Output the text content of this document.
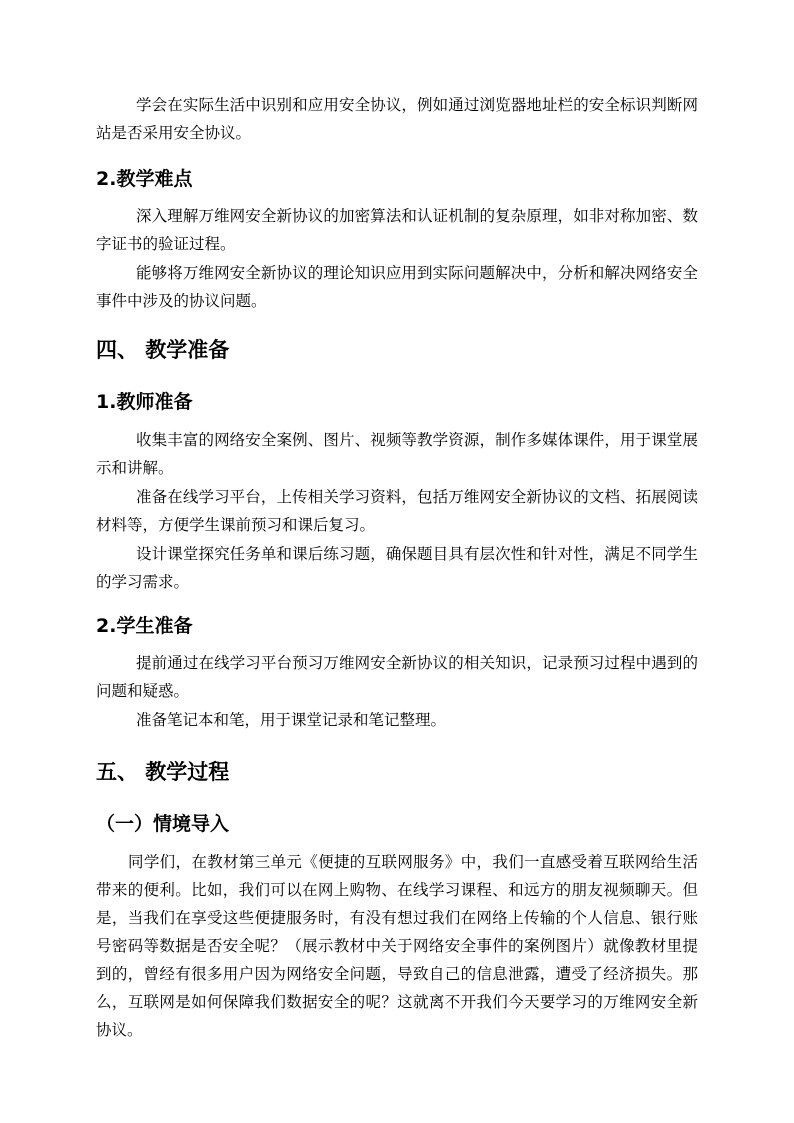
学会在实际生活中识别和应用安全协议，例如通过浏览器地址栏的安全标识判断网站是否采用安全协议。

2.教学难点

深入理解万维网安全新协议的加密算法和认证机制的复杂原理，如非对称加密、数字证书的验证过程。

能够将万维网安全新协议的理论知识应用到实际问题解决中，分析和解决网络安全事件中涉及的协议问题。

四、 教学准备
1.教师准备

收集丰富的网络安全案例、图片、视频等教学资源，制作多媒体课件，用于课堂展示和讲解。

准备在线学习平台，上传相关学习资料，包括万维网安全新协议的文档、拓展阅读材料等，方便学生课前预习和课后复习。

设计课堂探究任务单和课后练习题，确保题目具有层次性和针对性，满足不同学生的学习需求。

2.学生准备

提前通过在线学习平台预习万维网安全新协议的相关知识，记录预习过程中遇到的问题和疑惑。

准备笔记本和笔，用于课堂记录和笔记整理。

五、 教学过程
（一）情境导入

同学们，在教材第三单元《便捷的互联网服务》中，我们一直感受着互联网给生活带来的便利。比如，我们可以在网上购物、在线学习课程、和远方的朋友视频聊天。但是，当我们在享受这些便捷服务时，有没有想过我们在网络上传输的个人信息、银行账号密码等数据是否安全呢？（展示教材中关于网络安全事件的案例图片）就像教材里提到的，曾经有很多用户因为网络安全问题，导致自己的信息泄露，遭受了经济损失。那么，互联网是如何保障我们数据安全的呢？这就离不开我们今天要学习的万维网安全新协议。
